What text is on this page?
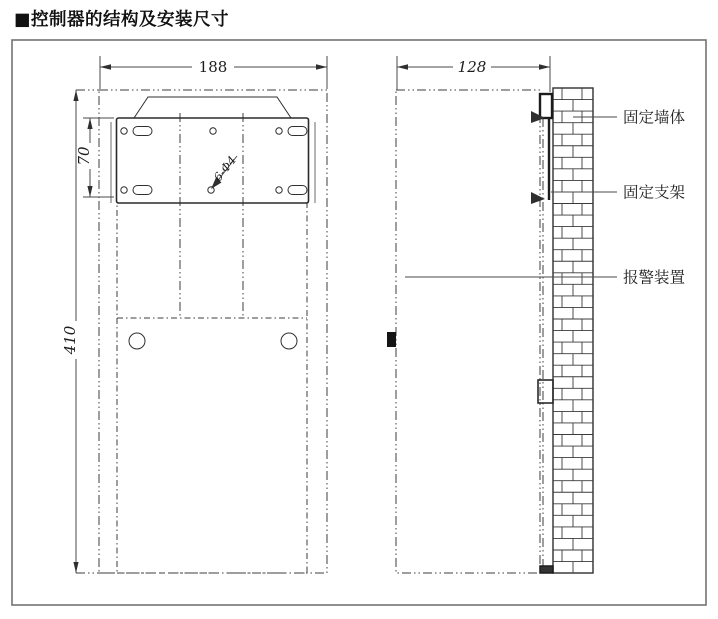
■控制器的结构及安装尺寸
6-Φ4
188
70
410
128
固定墙体
固定支架
报警装置
